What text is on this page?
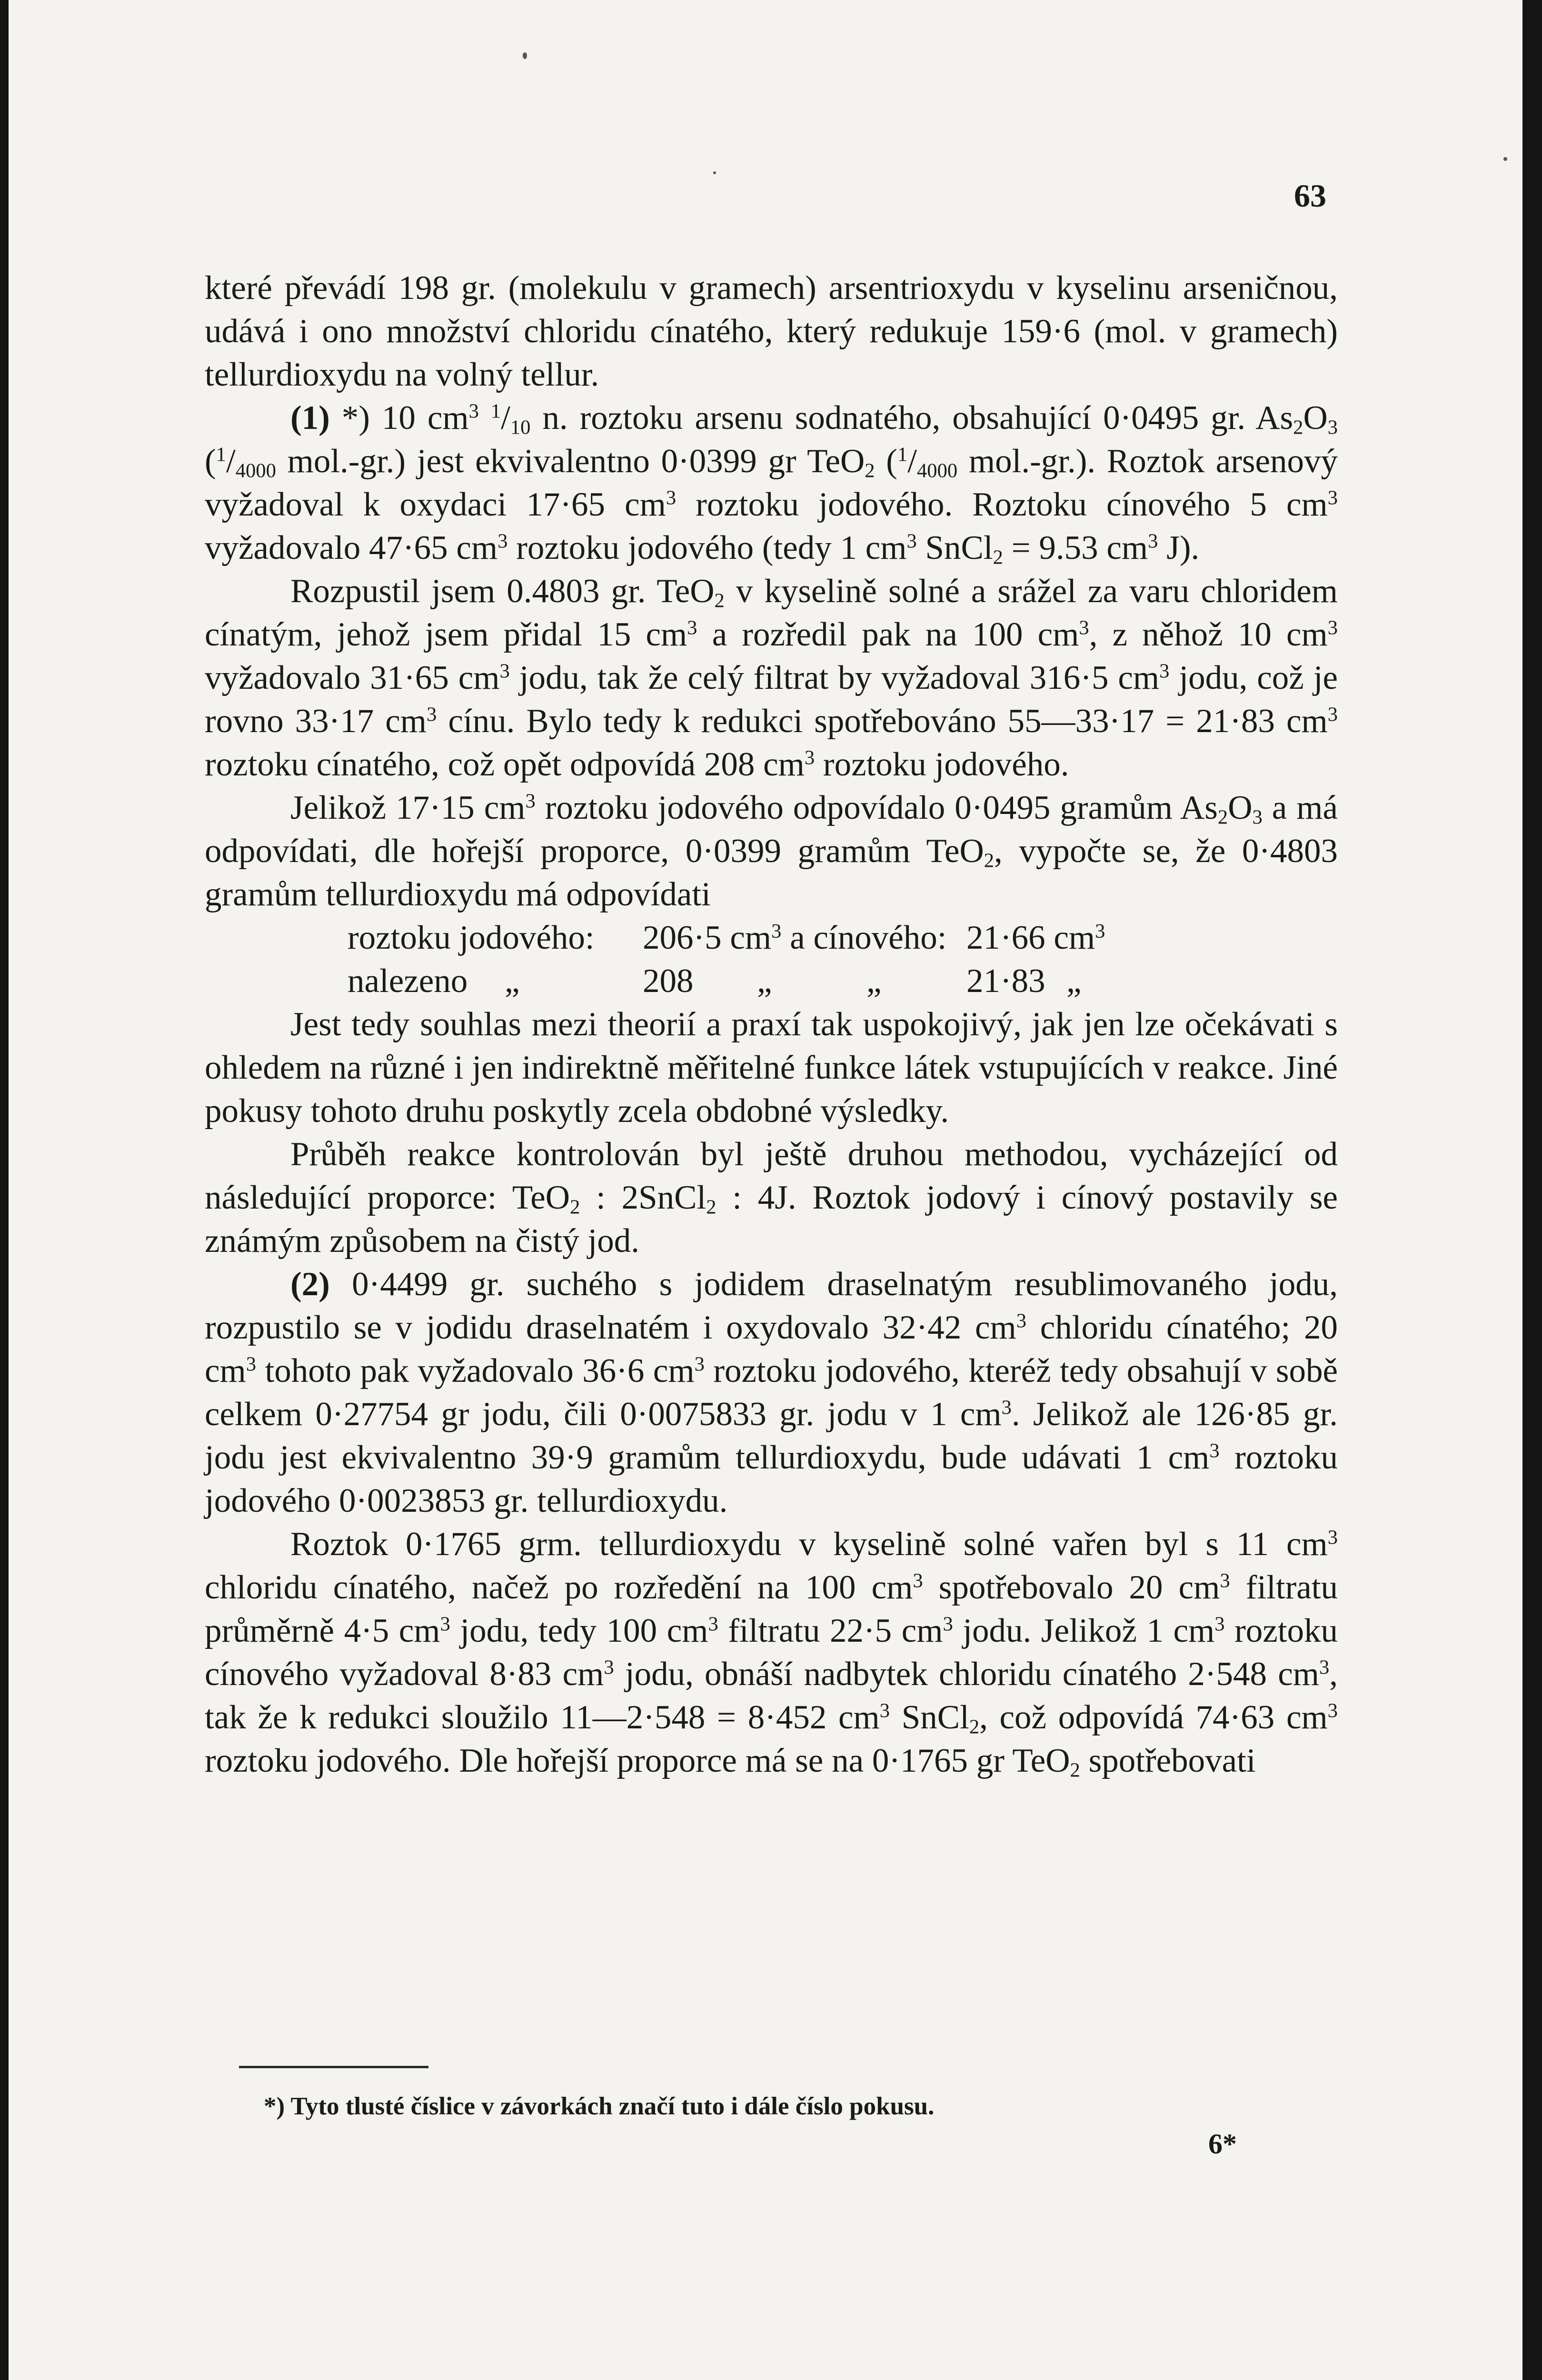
63

které převádí 198 gr. (molekulu v gramech) arsentrioxydu v kyselinu arseničnou, udává i ono množství chloridu cínatého, který redukuje 159·6 (mol. v gramech) tellurdioxydu na volný tellur.

(1) *) 10 $cm^3$ $^1/_{10}$ n. roztoku arsenu sodnatého, obsahující 0·0495 gr. $As_2O_3$ ($^1/_{4000}$ mol.-gr.) jest ekvivalentno 0·0399 gr TeO$_2$ ($^1/_{4000}$ mol.-gr.). Roztok arsenový vyžadoval k oxydaci 17·65 $cm^3$ roztoku jodového. Roztoku cínového 5 $cm^3$ vyžadovalo 47·65 $cm^3$ roztoku jodového (tedy 1 $cm^3$ SnCl$_2$ = 9.53 $cm^3$ J).

Rozpustil jsem 0.4803 gr. TeO$_2$ v kyselině solné a srážel za varu chloridem cínatým, jehož jsem přidal 15 $cm^3$ a rozředil pak na 100 $cm^3$, z něhož 10 $cm^3$ vyžadovalo 31·65 $cm^3$ jodu, tak že celý filtrat by vyžadoval 316·5 $cm^3$ jodu, což je rovno 33·17 $cm^3$ cínu. Bylo tedy k redukci spotřebováno 55—33·17 = 21·83 $cm^3$ roztoku cínatého, což opět odpovídá 208 $cm^3$ roztoku jodového.

Jelikož 17·15 $cm^3$ roztoku jodového odpovídalo 0·0495 gramům $As_2O_3$ a má odpovídati, dle hořejší proporce, 0·0399 gramům TeO$_2$, vypočte se, že 0·4803 gramům tellurdioxydu má odpovídati

roztoku jodového: 206·5 cm3 a cínového: 21·66 cm3

nalezeno „	208 „	„	21·83 „

Jest tedy souhlas mezi theorií a praxí tak uspokojivý, jak jen lze očekávati s ohledem na různé i jen indirektně měřitelné funkce látek vstupujících v reakce. Jiné pokusy tohoto druhu poskytly zcela obdobné výsledky.

Průběh reakce kontrolován byl ještě druhou methodou, vycházející od následující proporce: TeO$_2$ : 2SnCl$_2$ : 4J. Roztok jodový i cínový postavily se známým způsobem na čistý jod.

(2) 0·4499 gr. suchého s jodidem draselnatým resublimovaného jodu, rozpustilo se v jodidu draselnatém i oxydovalo 32·42 $cm^3$ chloridu cínatého; 20 $cm^3$ tohoto pak vyžadovalo 36·6 $cm^3$ roztoku jodového, kteréž tedy obsahují v sobě celkem 0·27754 gr jodu, čili 0·0075833 gr. jodu v 1 $cm^3$. Jelikož ale 126·85 gr. jodu jest ekvivalentno 39·9 gramům tellurdioxydu, bude udávati 1 $cm^3$ roztoku jodového 0·0023853 gr. tellurdioxydu.

Roztok 0·1765 grm. tellurdioxydu v kyselině solné vařen byl s 11 $cm^3$ chloridu cínatého, načež po rozředění na 100 $cm^3$ spotřebovalo 20 $cm^3$ filtratu průměrně 4·5 $cm^3$ jodu, tedy 100 $cm^3$ filtratu 22·5 $cm^3$ jodu. Jelikož 1 $cm^3$ roztoku cínového vyžadoval 8·83 $cm^3$ jodu, obnáší nadbytek chloridu cínatého 2·548 $cm^3$, tak že k redukci sloužilo 11—2·548 = 8·452 $cm^3$ SnCl$_2$, což odpovídá 74·63 $cm^3$ roztoku jodového. Dle hořejší proporce má se na 0·1765 gr TeO$_2$ spotřebovati

*) Tyto tlusté číslice v závorkách značí tuto i dále číslo pokusu.
6*
